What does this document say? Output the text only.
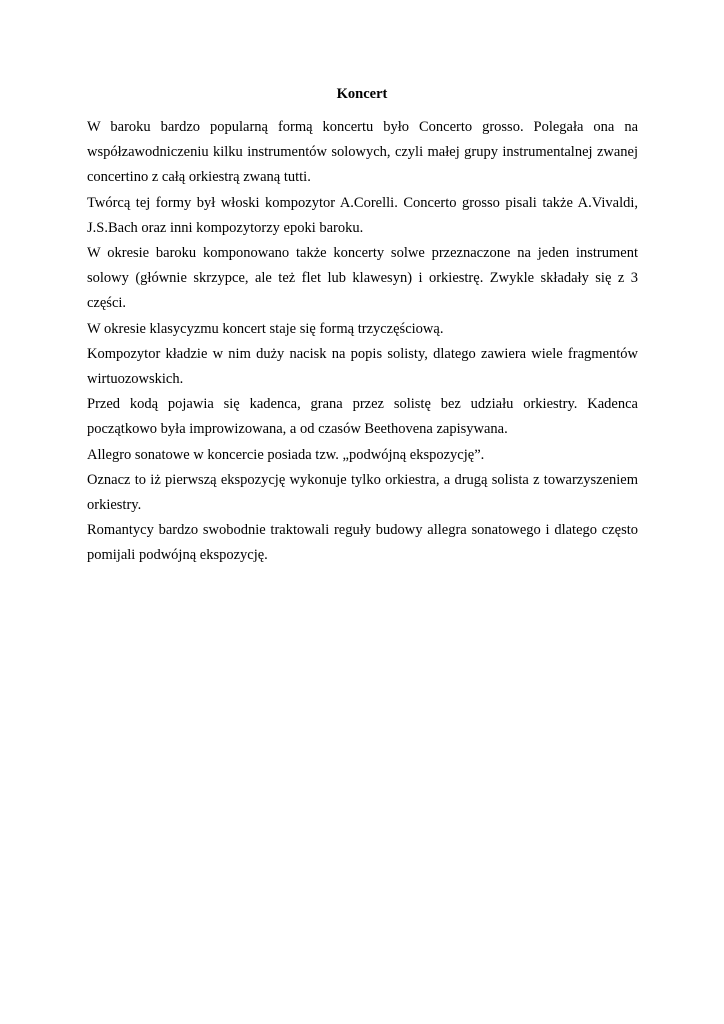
Koncert

W baroku bardzo popularną formą koncertu było Concerto grosso. Polegała ona na współzawodniczeniu kilku instrumentów solowych, czyli małej grupy instrumentalnej zwanej concertino z całą orkiestrą zwaną tutti.

Twórcą tej formy był włoski kompozytor A.Corelli. Concerto grosso pisali także A.Vivaldi,

J.S.Bach oraz inni kompozytorzy epoki baroku.

W okresie baroku komponowano także koncerty solwe przeznaczone na jeden instrument solowy (głównie skrzypce, ale też flet lub klawesyn) i orkiestrę. Zwykle składały się z 3 części.

W okresie klasycyzmu koncert staje się formą trzyczęściową.

Kompozytor kładzie w nim duży nacisk na popis solisty, dlatego zawiera wiele fragmentów wirtuozowskich.

Przed kodą pojawia się kadenca, grana przez solistę bez udziału orkiestry. Kadenca początkowo była improwizowana, a od czasów Beethovena zapisywana.

Allegro sonatowe w koncercie posiada tzw. „podwójną ekspozycję”.

Oznacz to iż pierwszą ekspozycję wykonuje tylko orkiestra, a drugą solista z towarzyszeniem orkiestry.

Romantycy bardzo swobodnie traktowali reguły budowy allegra sonatowego i dlatego często pomijali podwójną ekspozycję.
